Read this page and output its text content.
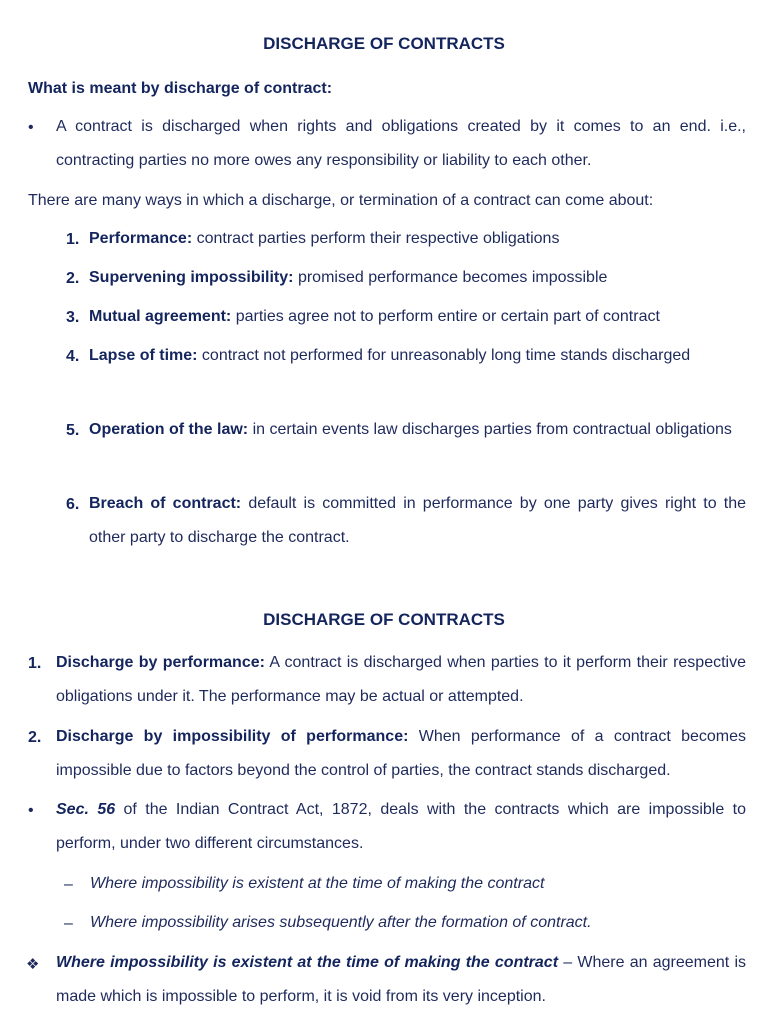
DISCHARGE OF CONTRACTS
What is meant by discharge of contract:
• A contract is discharged when rights and obligations created by it comes to an end. i.e., contracting parties no more owes any responsibility or liability to each other.
There are many ways in which a discharge, or termination of a contract can come about:
1. Performance: contract parties perform their respective obligations
2. Supervening impossibility: promised performance becomes impossible
3. Mutual agreement: parties agree not to perform entire or certain part of contract
4. Lapse of time: contract not performed for unreasonably long time stands discharged
5. Operation of the law: in certain events law discharges parties from contractual obligations
6. Breach of contract: default is committed in performance by one party gives right to the other party to discharge the contract.
DISCHARGE OF CONTRACTS
1. Discharge by performance: A contract is discharged when parties to it perform their respective obligations under it. The performance may be actual or attempted.
2. Discharge by impossibility of performance: When performance of a contract becomes impossible due to factors beyond the control of parties, the contract stands discharged.
• Sec. 56 of the Indian Contract Act, 1872, deals with the contracts which are impossible to perform, under two different circumstances.
– Where impossibility is existent at the time of making the contract
– Where impossibility arises subsequently after the formation of contract.
❖ Where impossibility is existent at the time of making the contract – Where an agreement is made which is impossible to perform, it is void from its very inception.
